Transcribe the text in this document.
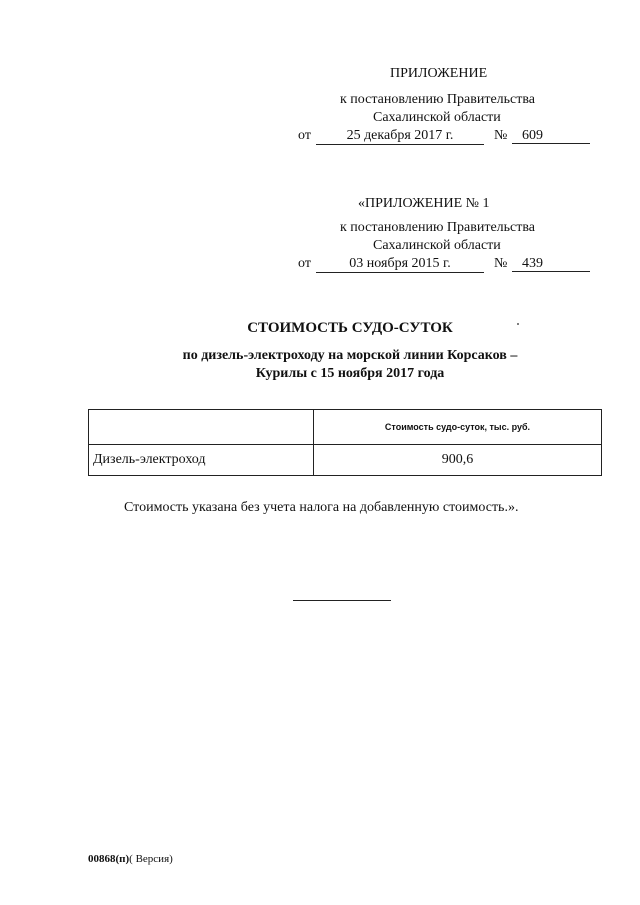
ПРИЛОЖЕНИЕ
к постановлению Правительства
Сахалинской области
от	25 декабря 2017 г.	№	609
«ПРИЛОЖЕНИЕ № 1
к постановлению Правительства
Сахалинской области
от	03 ноября 2015 г.	№	439
СТОИМОСТЬ СУДО-СУТОК
по дизель-электроходу на морской линии Корсаков –
Курилы с 15 ноября 2017 года
	Стоимость судо-суток, тыс. руб.
Дизель-электроход	900,6
Стоимость указана без учета налога на добавленную стоимость.».
00868(п)( Версия)
